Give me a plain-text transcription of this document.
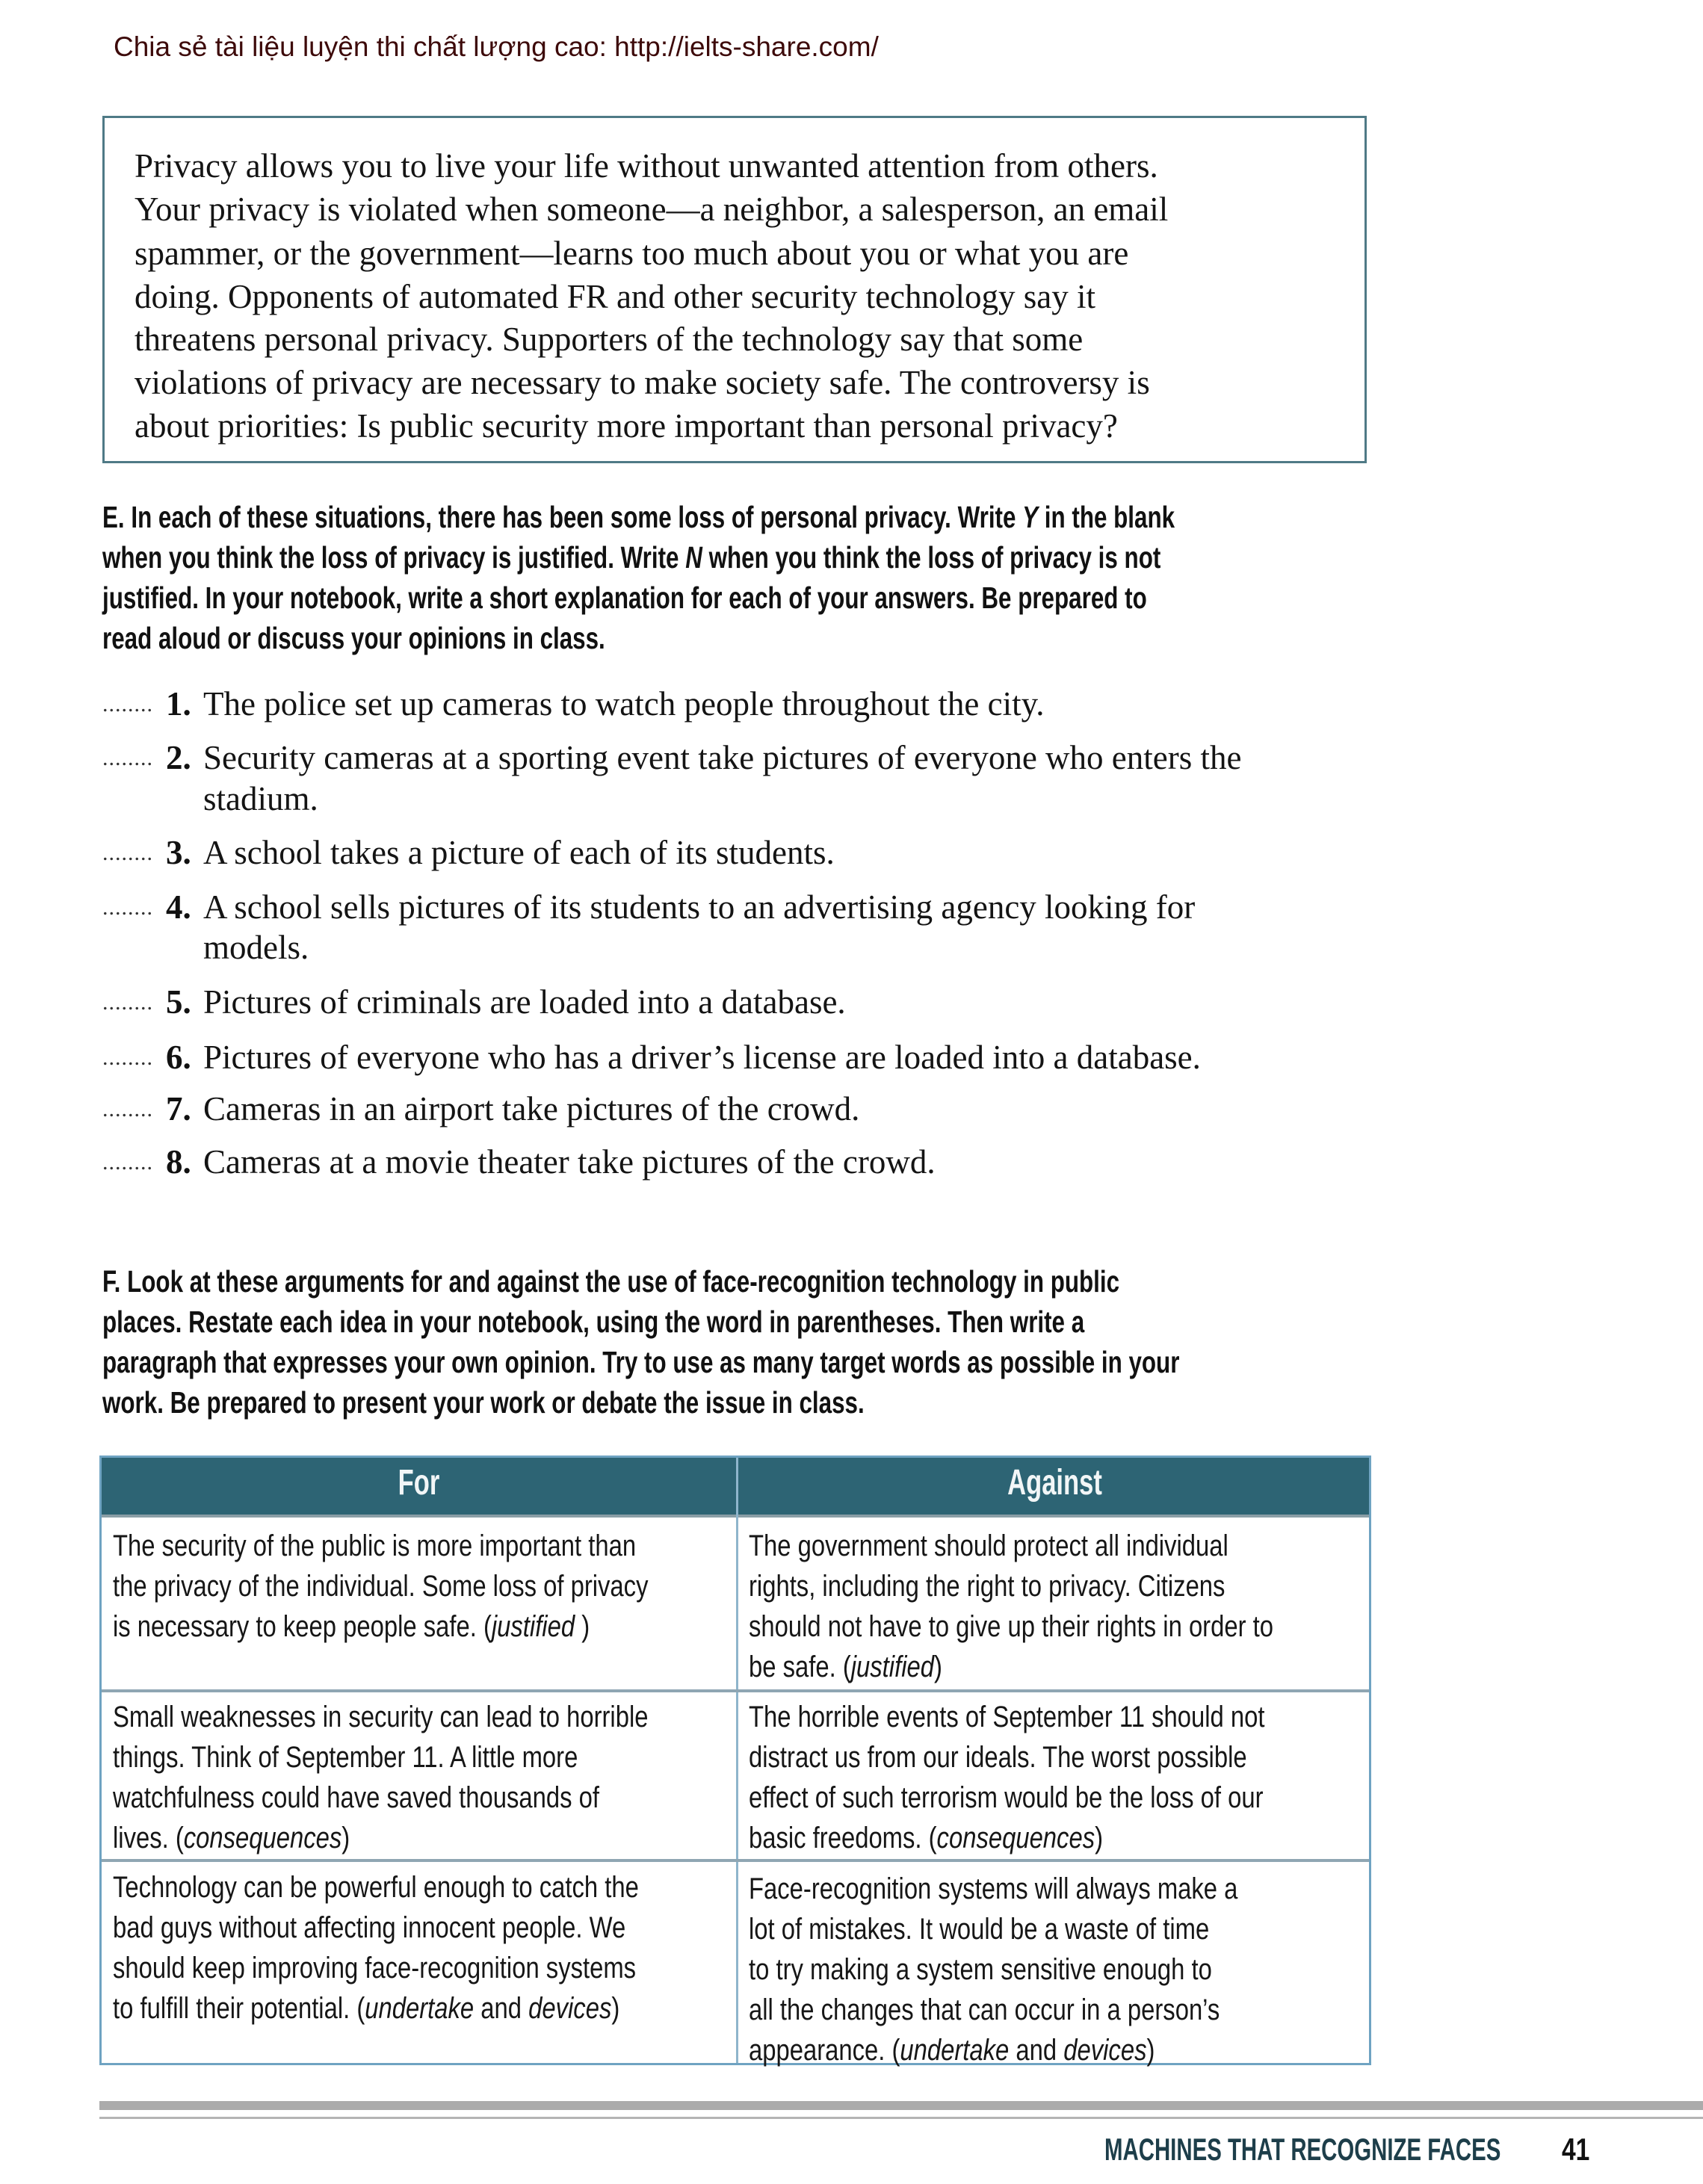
Chia sẻ tài liệu luyện thi chất lượng cao: http://ielts-share.com/
Privacy allows you to live your life without unwanted attention from others.
Your privacy is violated when someone—a neighbor, a salesperson, an email
spammer, or the government—learns too much about you or what you are
doing. Opponents of automated FR and other security technology say it
threatens personal privacy. Supporters of the technology say that some
violations of privacy are necessary to make society safe. The controversy is
about priorities: Is public security more important than personal privacy?
E. In each of these situations, there has been some loss of personal privacy. Write Y in the blank
when you think the loss of privacy is justified. Write N when you think the loss of privacy is not
justified. In your notebook, write a short explanation for each of your answers. Be prepared to
read aloud or discuss your opinions in class.
........ 1. The police set up cameras to watch people throughout the city.
........ 2. Security cameras at a sporting event take pictures of everyone who enters the
stadium.
........ 3. A school takes a picture of each of its students.
........ 4. A school sells pictures of its students to an advertising agency looking for
models.
........ 5. Pictures of criminals are loaded into a database.
........ 6. Pictures of everyone who has a driver’s license are loaded into a database.
........ 7. Cameras in an airport take pictures of the crowd.
........ 8. Cameras at a movie theater take pictures of the crowd.
F. Look at these arguments for and against the use of face-recognition technology in public
places. Restate each idea in your notebook, using the word in parentheses. Then write a
paragraph that expresses your own opinion. Try to use as many target words as possible in your
work. Be prepared to present your work or debate the issue in class.
For	Against
The security of the public is more important than
the privacy of the individual. Some loss of privacy
is necessary to keep people safe. (justified )
The government should protect all individual
rights, including the right to privacy. Citizens
should not have to give up their rights in order to
be safe. (justified)
Small weaknesses in security can lead to horrible
things. Think of September 11. A little more
watchfulness could have saved thousands of
lives. (consequences)
The horrible events of September 11 should not
distract us from our ideals. The worst possible
effect of such terrorism would be the loss of our
basic freedoms. (consequences)
Technology can be powerful enough to catch the
bad guys without affecting innocent people. We
should keep improving face-recognition systems
to fulfill their potential. (undertake and devices)
Face-recognition systems will always make a
lot of mistakes. It would be a waste of time
to try making a system sensitive enough to
all the changes that can occur in a person’s
appearance. (undertake and devices)
MACHINES THAT RECOGNIZE FACES 41
